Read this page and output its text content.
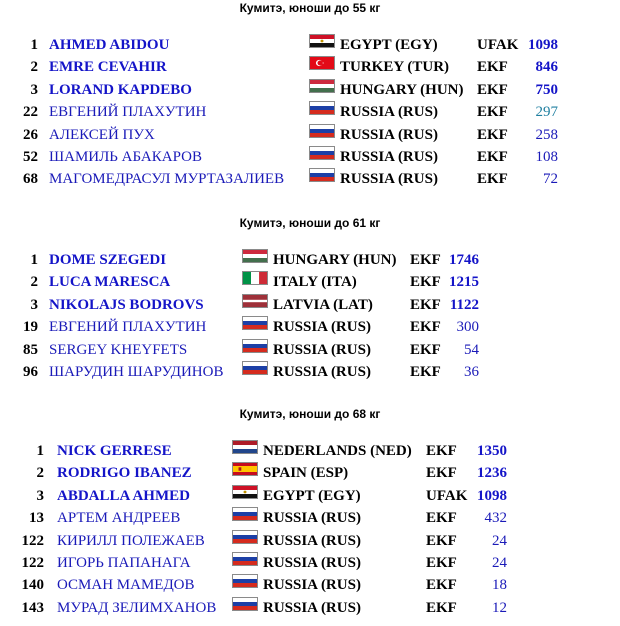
Кумитэ, юноши до 55 кг
1 AHMED ABIDOU	EGYPT (EGY)	UFAK 1098
2 EMRE CEVAHIR	TURKEY (TUR) EKF 846
3 LORAND KAPDEBO	HUNGARY (HUN) EKF 750
22 ЕВГЕНИЙ ПЛАХУТИН	RUSSIA (RUS)	EKF 297
26 АЛЕКСЕЙ ПУХ	RUSSIA (RUS)	EKF 258
52 ШАМИЛЬ АБАКАРОВ	RUSSIA (RUS)	EKF 108
68 МАГОМЕДРАСУЛ МУРТАЗАЛИЕВ	RUSSIA (RUS)	EKF 72
Кумитэ, юноши до 61 кг
1 DOME SZEGEDI	HUNGARY (HUN) EKF 1746
2 LUCA MARESCA	ITALY (ITA)	EKF 1215
3 NIKOLAJS BODROVS	LATVIA (LAT) EKF 1122
19 ЕВГЕНИЙ ПЛАХУТИН	RUSSIA (RUS)	EKF 300
85 SERGEY KHEYFETS	RUSSIA (RUS)	EKF 54
96 ШАРУДИН ШАРУДИНОВ	RUSSIA (RUS)	EKF 36
Кумитэ, юноши до 68 кг
1 NICK GERRESE	NEDERLANDS (NED) EKF 1350
2 RODRIGO IBANEZ	SPAIN (ESP)	EKF 1236
3 ABDALLA AHMED	EGYPT (EGY)	UFAK 1098
13 АРТЕМ АНДРЕЕВ	RUSSIA (RUS)	EKF 432
122 КИРИЛЛ ПОЛЕЖАЕВ	RUSSIA (RUS)	EKF 24
122 ИГОРЬ ПАПАНАГА	RUSSIA (RUS)	EKF 24
140 ОСМАН МАМЕДОВ	RUSSIA (RUS)	EKF 18
143 МУРАД ЗЕЛИМХАНОВ	RUSSIA (RUS)	EKF 12
